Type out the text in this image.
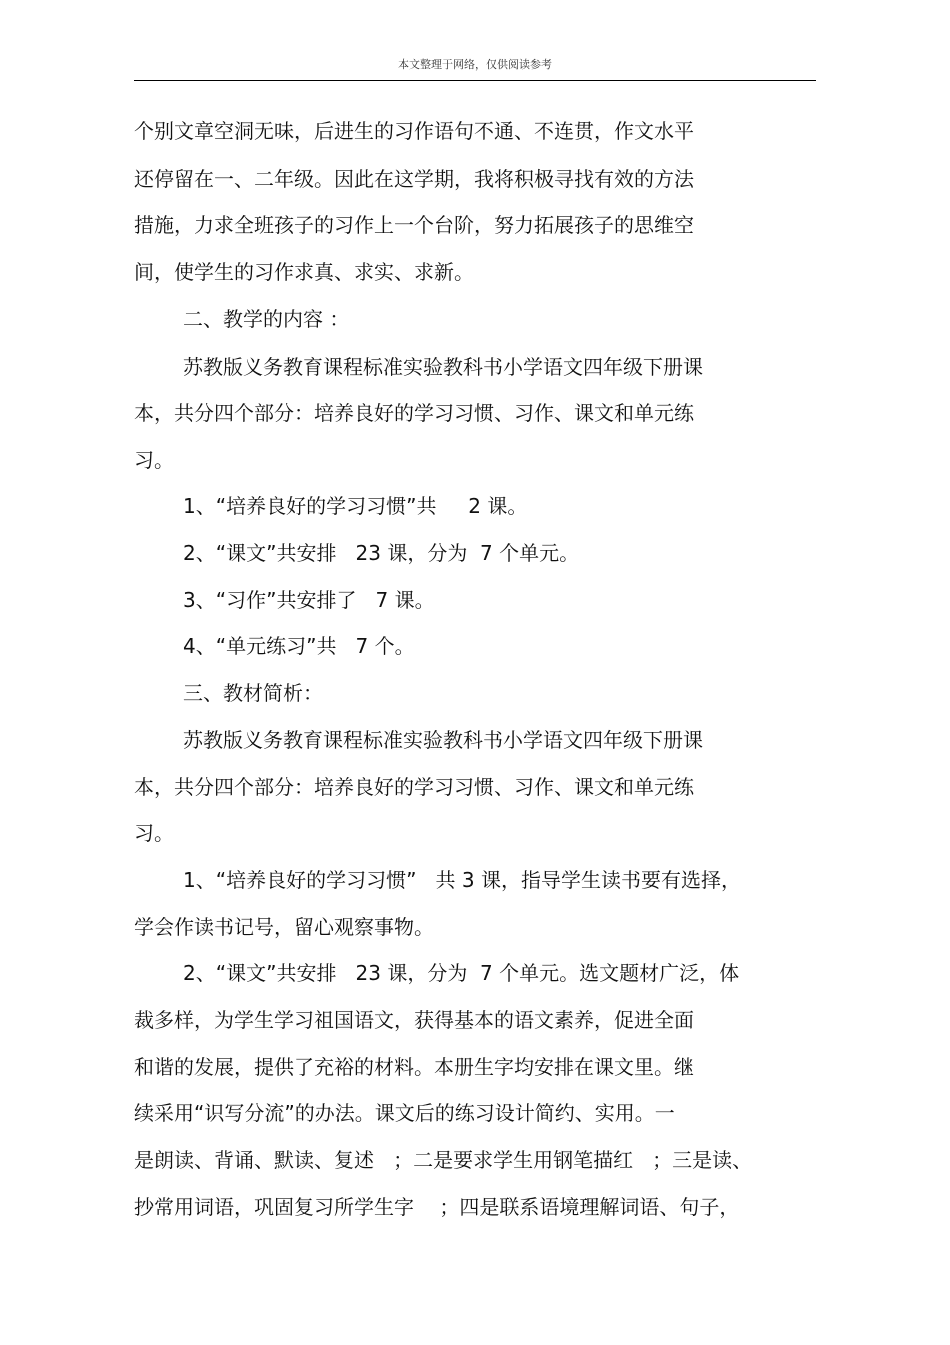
本文整理于网络，仅供阅读参考
个别文章空洞无味，后进生的习作语句不通、不连贯，作文水平
还停留在一、二年级。因此在这学期，我将积极寻找有效的方法
措施，力求全班孩子的习作上一个台阶，努力拓展孩子的思维空
间，使学生的习作求真、求实、求新。
二、教学的内容 ：
苏教版义务教育课程标准实验教科书小学语文四年级下册课
本，共分四个部分：培养良好的学习习惯、习作、课文和单元练
习。
1、“培养良好的学习习惯”共     2 课。
2、“课文”共安排   23 课，分为  7 个单元。
3、“习作”共安排了   7 课。
4、“单元练习”共   7 个。
三、教材简析：
苏教版义务教育课程标准实验教科书小学语文四年级下册课
本，共分四个部分：培养良好的学习习惯、习作、课文和单元练
习。
1、“培养良好的学习习惯”   共 3 课，指导学生读书要有选择，
学会作读书记号，留心观察事物。
2、“课文”共安排   23 课，分为  7 个单元。选文题材广泛，体
裁多样，为学生学习祖国语文，获得基本的语文素养，促进全面
和谐的发展，提供了充裕的材料。本册生字均安排在课文里。继
续采用“识写分流”的办法。课文后的练习设计简约、实用。一
是朗读、背诵、默读、复述   ；二是要求学生用钢笔描红   ；三是读、
抄常用词语，巩固复习所学生字    ；四是联系语境理解词语、句子，
